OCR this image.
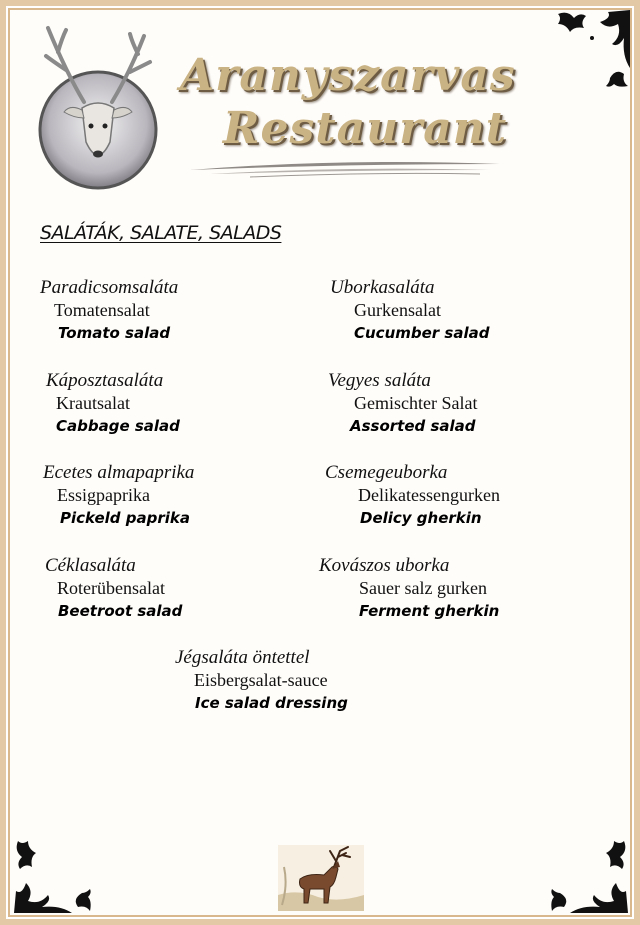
Aranyszarvas
Restaurant
SALÁTÁK, SALATE, SALADS
Paradicsomsaláta
Tomatensalat
Tomato salad
Uborkasaláta
Gurkensalat
Cucumber salad
Káposztasaláta
Krautsalat
Cabbage salad
Vegyes saláta
Gemischter Salat
Assorted salad
Ecetes almapaprika
Essigpaprika
Pickeld paprika
Csemegeuborka
Delikatessengurken
Delicy gherkin
Céklasaláta
Roterübensalat
Beetroot salad
Kovászos uborka
Sauer salz gurken
Ferment gherkin
Jégsaláta öntettel
Eisbergsalat-sauce
Ice salad dressing
